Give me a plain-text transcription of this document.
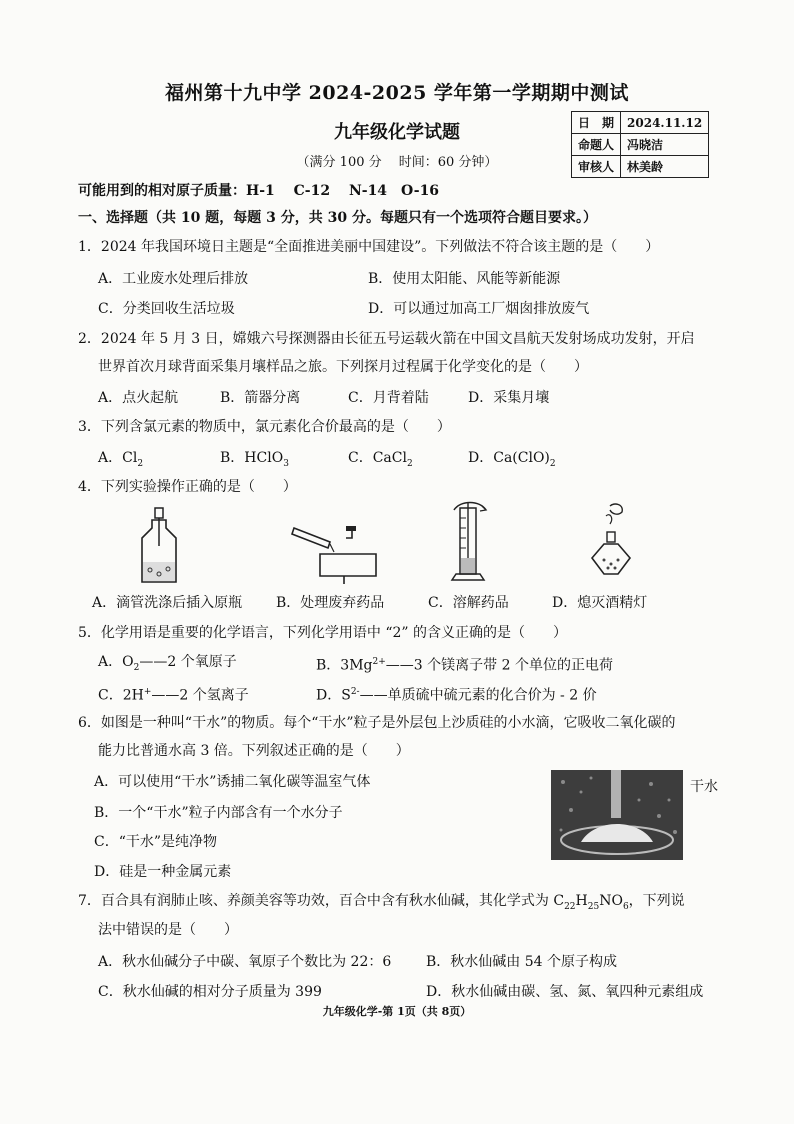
福州第十九中学 2024-2025 学年第一学期期中测试
九年级化学试题
（满分 100 分　 时间：60 分钟）
日　期	2024.11.12
命题人	冯晓洁
审核人	林美龄
可能用到的相对原子质量：H-1　 C-12　 N-14　O-16
一、选择题（共 10 题，每题 3 分，共 30 分。每题只有一个选项符合题目要求。）
1．2024 年我国环境日主题是“全面推进美丽中国建设”。下列做法不符合该主题的是（　　）
A．工业废水处理后排放	B．使用太阳能、风能等新能源
C．分类回收生活垃圾	D．可以通过加高工厂烟囱排放废气
2．2024 年 5 月 3 日，嫦娥六号探测器由长征五号运载火箭在中国文昌航天发射场成功发射，开启
世界首次月球背面采集月壤样品之旅。下列探月过程属于化学变化的是（　　）
A．点火起航	B．箭器分离	C．月背着陆	D．采集月壤
3．下列含氯元素的物质中，氯元素化合价最高的是（　　）
A．$Cl_2$	B．HClO$_3$	C．CaCl$_2$	D．$Ca(ClO)_2$
4．下列实验操作正确的是（　　）
A．滴管洗涤后插入原瓶 B．处理废弃药品	C．溶解药品	D．熄灭酒精灯
5．化学用语是重要的化学语言，下列化学用语中 “2” 的含义正确的是（　　）
A．$O_2——2$ 个氧原子	B．$3Mg^{2+}——3$ 个镁离子带 2 个单位的正电荷
C．2H+——2 个氢离子	D．$S^{2-}——$单质硫中硫元素的化合价为 - 2 价
6．如图是一种叫“干水”的物质。每个“干水”粒子是外层包上沙质硅的小水滴，它吸收二氧化碳的
能力比普通水高 3 倍。下列叙述正确的是（　　）
A．可以使用“干水”诱捕二氧化碳等温室气体
B．一个“干水”粒子内部含有一个水分子
C．“干水”是纯净物
D．硅是一种金属元素
干水
7．百合具有润肺止咳、养颜美容等功效，百合中含有秋水仙碱，其化学式为 $C_{22}H_{25}NO_6$，下列说
法中错误的是（　　）
A．秋水仙碱分子中碳、氧原子个数比为 22：6 B．秋水仙碱由 54 个原子构成
C．秋水仙碱的相对分子质量为 399	D．秋水仙碱由碳、氢、氮、氧四种元素组成
九年级化学-第 1页（共 8页）
